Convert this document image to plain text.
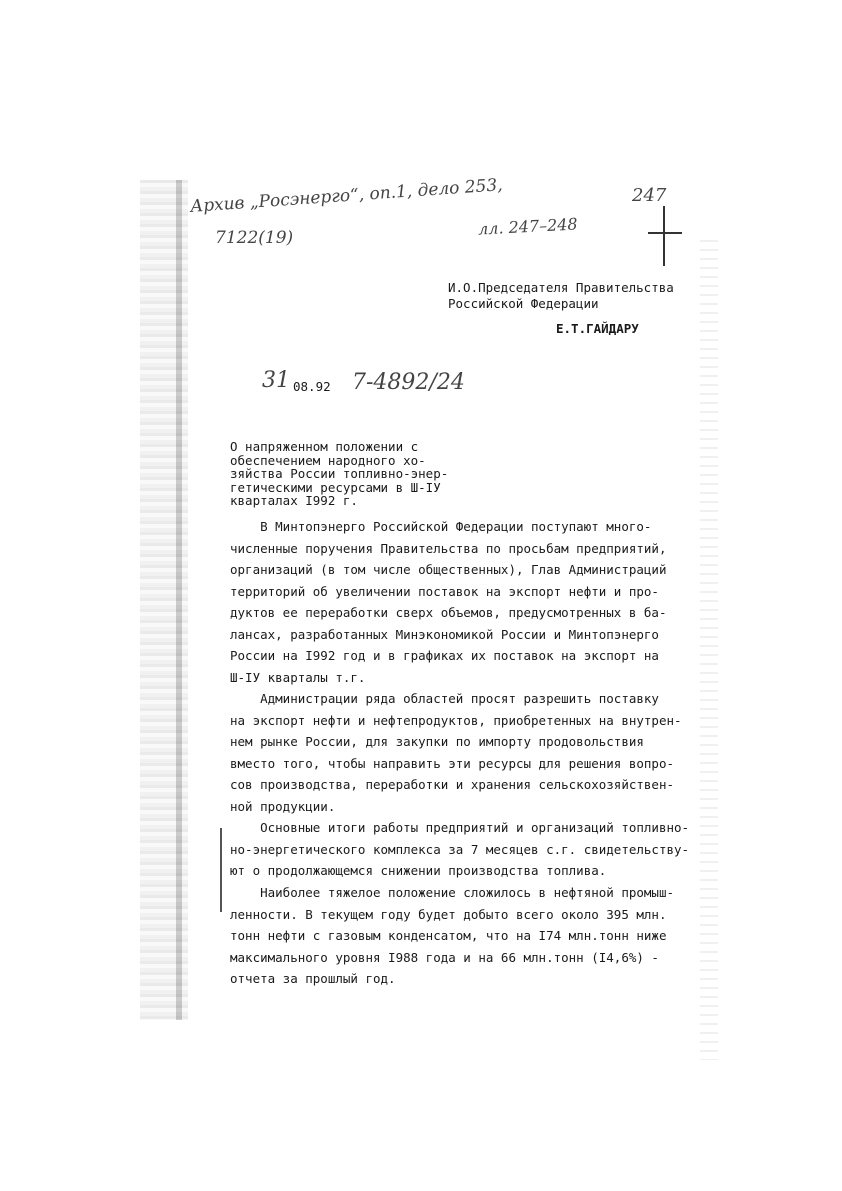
Архив „Росэнерго“, оп.1, дело 253,
7122(19)	лл. 247–248
247
И.О.Председателя Правительства
Российской Федерации
Е.Т.ГАЙДАРУ
31 08.92 7-4892/24
О напряженном положении с
обеспечением народного хо-
зяйства России топливно-энер-
гетическими ресурсами в Ш-IУ
кварталах I992 г.
В Минтопэнерго Российской Федерации поступают много-
численные поручения Правительства по просьбам предприятий,
организаций (в том числе общественных), Глав Администраций
территорий об увеличении поставок на экспорт нефти и про-
дуктов ее переработки сверх объемов, предусмотренных в ба-
лансах, разработанных Минэкономикой России и Минтопэнерго
России на I992 год и в графиках их поставок на экспорт на
Ш-IУ кварталы т.г.
Администрации ряда областей просят разрешить поставку
на экспорт нефти и нефтепродуктов, приобретенных на внутрен-
нем рынке России, для закупки по импорту продовольствия
вместо того, чтобы направить эти ресурсы для решения вопро-
сов производства, переработки и хранения сельскохозяйствен-
ной продукции.
Основные итоги работы предприятий и организаций топливно-
но-энергетического комплекса за 7 месяцев с.г. свидетельству-
ют о продолжающемся снижении производства топлива.
Наиболее тяжелое положение сложилось в нефтяной промыш-
ленности. В текущем году будет добыто всего около 395 млн.
тонн нефти с газовым конденсатом, что на I74 млн.тонн ниже
максимального уровня I988 года и на 66 млн.тонн (I4,6%) -
отчета за прошлый год.
